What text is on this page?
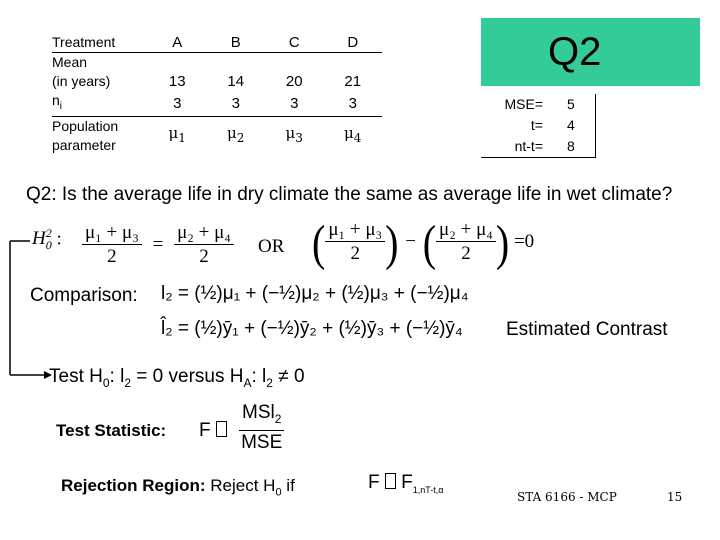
Treatment	A	B	C	D

Mean
(in years)	13	14	20	21
$n_i$	3	3	3	3

Population
parameter	$\mu_1$	$\mu_2$	$\mu_3$	$\mu_4$
Q2
MSE= 5
t= 4
nt-t= 8
Q2: Is the average life in dry climate the same as average life in wet climate?
$H_0^2$ : $\frac{\text{μ₁ + μ₃}}{2} = \frac{\text{μ₂ + μ₄}}{2}$ OR ( $\frac{\text{μ₁ + μ₃}}{2}$ ) − ( $\frac{\text{μ₂ + μ₄}}{2}$ ) =0
Comparison: l₂ = (½)μ₁ + (−½)μ₂ + (½)μ₃ + (−½)μ₄
l̂₂ = (½)ȳ₁ + (−½)ȳ₂ + (½)ȳ₃ + (−½)ȳ₄ Estimated Contrast
Test $H_0$: $l_2 = 0$ versus $H_A$: $l_2 \ne 0$
Test Statistic: F	$\frac{MSl_2}{\text{MSE}}$
Rejection Region: Reject $H_0$ if	F $F_{1,nT-t,\alpha}$
STA 6166 - MCP	15
